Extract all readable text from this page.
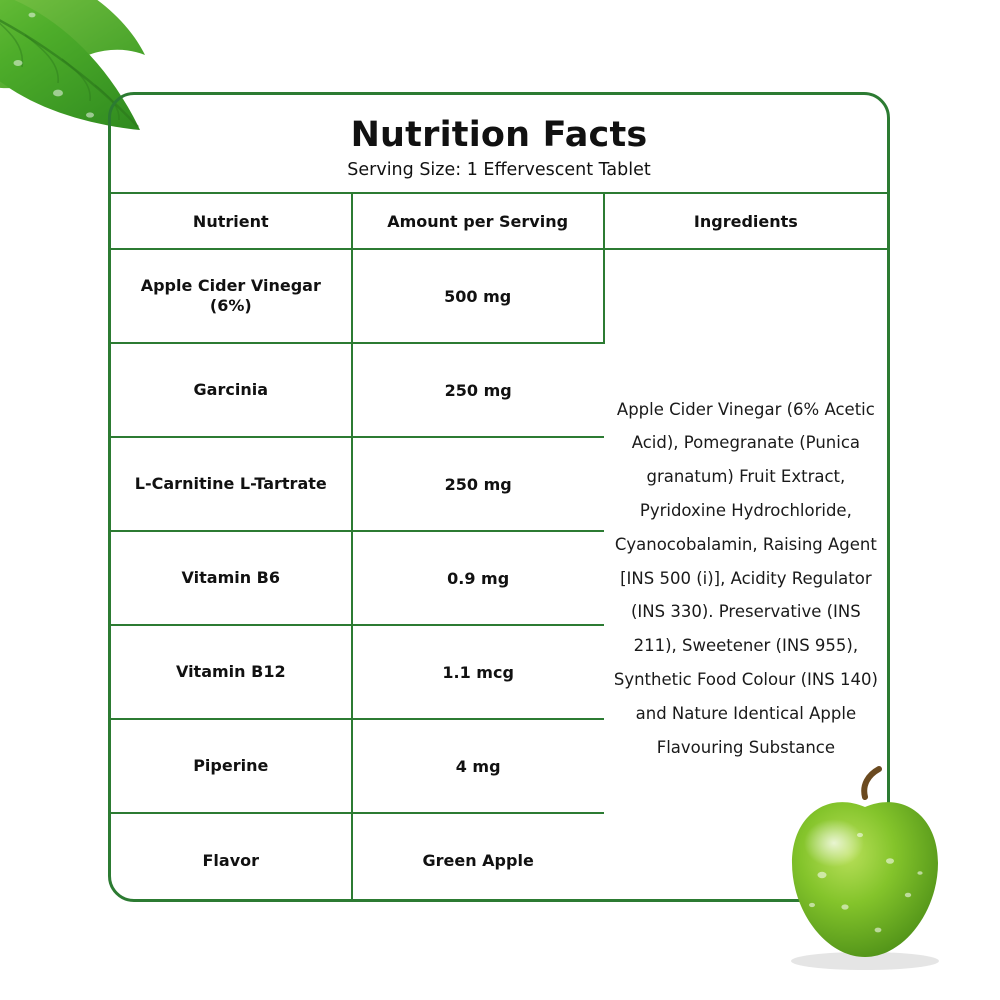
Nutrition Facts
Serving Size: 1 Effervescent Tablet
Nutrient	Amount per Serving	Ingredients
Apple Cider Vinegar (6%)	500 mg	Apple Cider Vinegar (6% Acetic Acid), Pomegranate (Punica granatum) Fruit Extract, Pyridoxine Hydrochloride, Cyanocobalamin, Raising Agent [INS 500 (i)], Acidity Regulator (INS 330). Preservative (INS 211), Sweetener (INS 955), Synthetic Food Colour (INS 140) and Nature Identical Apple Flavouring Substance
Garcinia	250 mg	
L-Carnitine L-Tartrate	250 mg	
Vitamin B6	0.9 mg	
Vitamin B12	1.1 mcg	
Piperine	4 mg	
Flavor	Green Apple	
